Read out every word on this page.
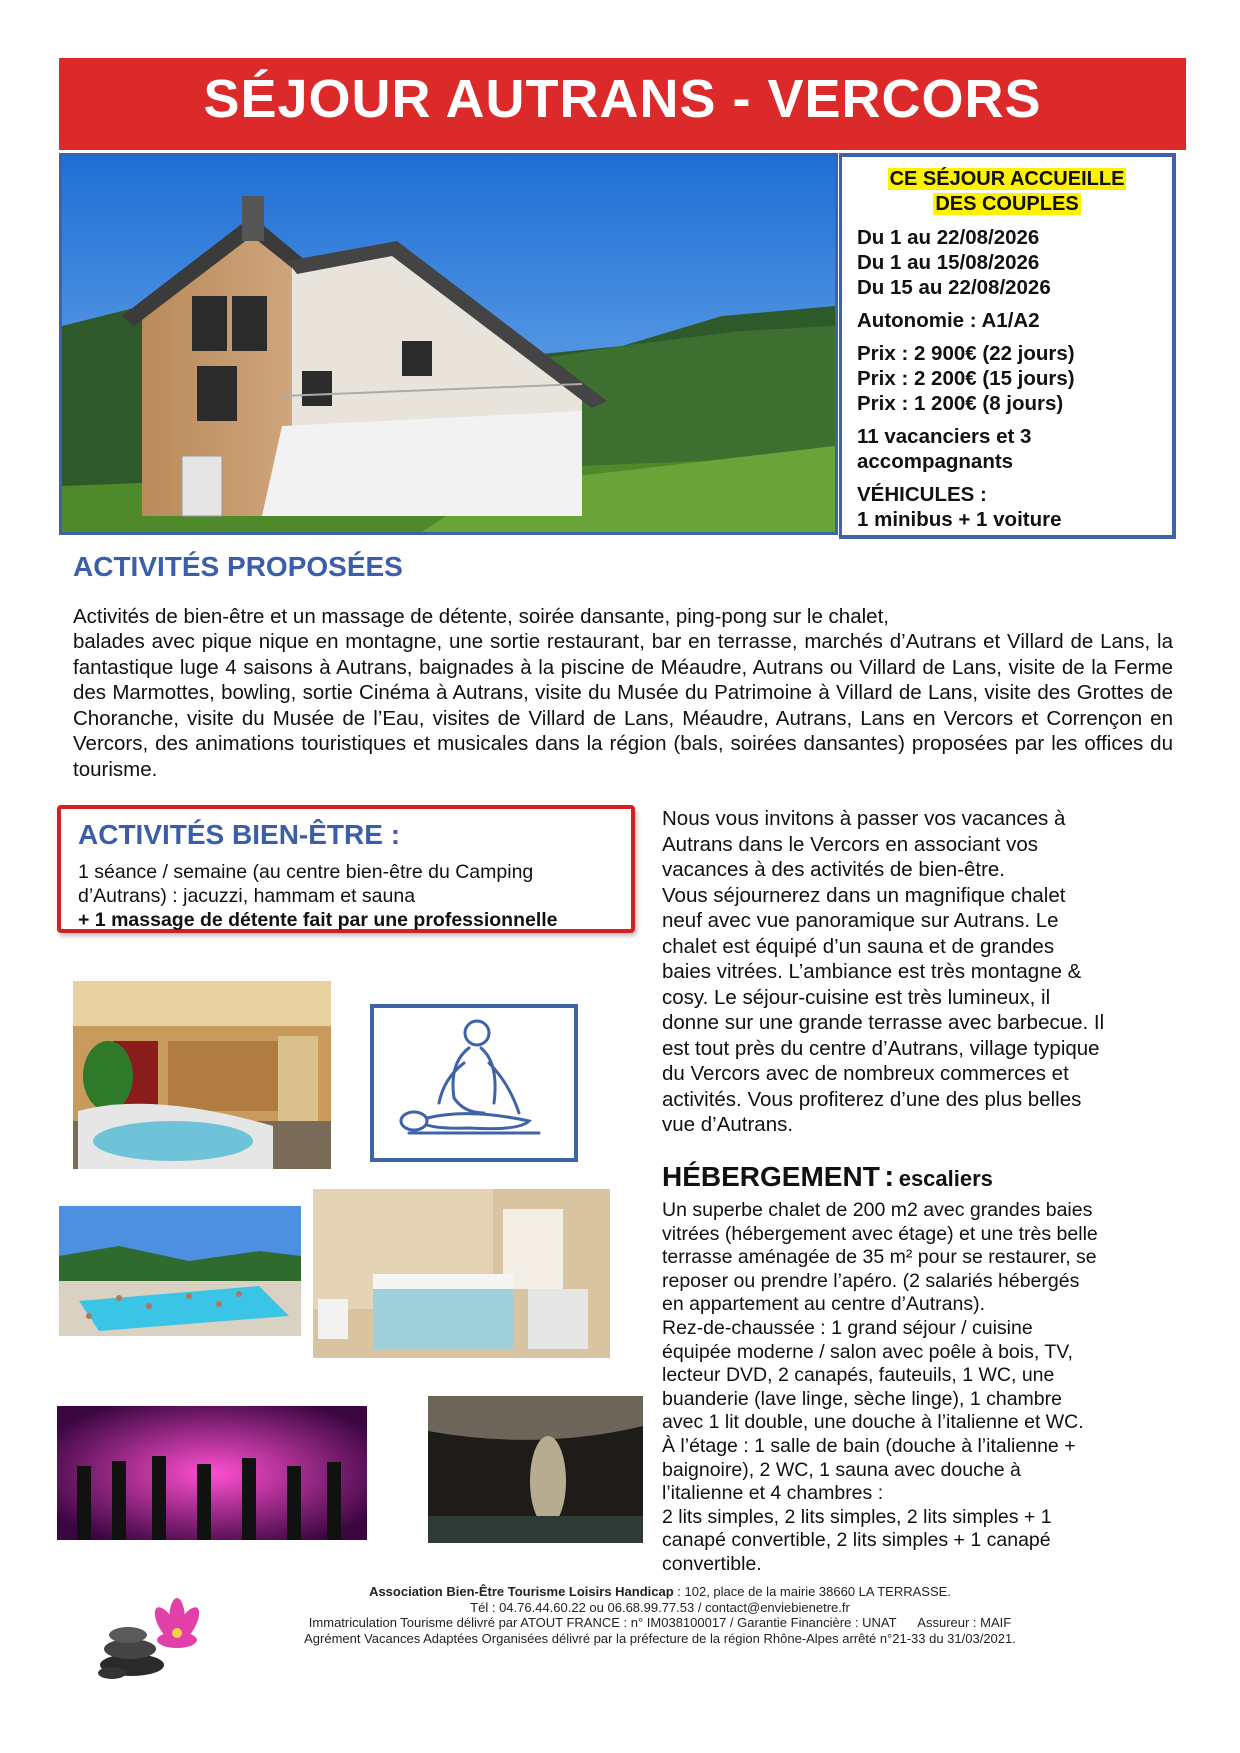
SÉJOUR AUTRANS - VERCORS
CE SÉJOUR ACCUEILLE
DES COUPLES
Du 1 au 22/08/2026
Du 1 au 15/08/2026
Du 15 au 22/08/2026
Autonomie : A1/A2
Prix : 2 900€ (22 jours)
Prix : 2 200€ (15 jours)
Prix : 1 200€ (8 jours)
11 vacanciers et 3
accompagnants
VÉHICULES :
1 minibus + 1 voiture
ACTIVITÉS PROPOSÉES
Activités de bien-être et un massage de détente, soirée dansante, ping-pong sur le chalet,
balades avec pique nique en montagne, une sortie restaurant, bar en terrasse, marchés d’Autrans et Villard de Lans, la fantastique luge 4 saisons à Autrans, baignades à la piscine de Méaudre, Autrans ou Villard de Lans, visite de la Ferme des Marmottes, bowling, sortie Cinéma à Autrans, visite du Musée du Patrimoine à Villard de Lans, visite des Grottes de Choranche, visite du Musée de l’Eau, visites de Villard de Lans, Méaudre, Autrans, Lans en Vercors et Corrençon en Vercors, des animations touristiques et musicales dans la région (bals, soirées dansantes) proposées par les offices du tourisme.
ACTIVITÉS BIEN-ÊTRE :
1 séance / semaine (au centre bien-être du Camping
d’Autrans) : jacuzzi, hammam et sauna
+ 1 massage de détente fait par une professionnelle
Nous vous invitons à passer vos vacances à
Autrans dans le Vercors en associant vos
vacances à des activités de bien-être.
Vous séjournerez dans un magnifique chalet
neuf avec vue panoramique sur Autrans. Le
chalet est équipé d’un sauna et de grandes
baies vitrées. L’ambiance est très montagne &
cosy. Le séjour-cuisine est très lumineux, il
donne sur une grande terrasse avec barbecue. Il
est tout près du centre d’Autrans, village typique
du Vercors avec de nombreux commerces et
activités. Vous profiterez d’une des plus belles
vue d’Autrans.
HÉBERGEMENT : escaliers
Un superbe chalet de 200 m2 avec grandes baies
vitrées (hébergement avec étage) et une très belle
terrasse aménagée de 35 m² pour se restaurer, se
reposer ou prendre l’apéro. (2 salariés hébergés
en appartement au centre d’Autrans).
Rez-de-chaussée : 1 grand séjour / cuisine
équipée moderne / salon avec poêle à bois, TV,
lecteur DVD, 2 canapés, fauteuils, 1 WC, une
buanderie (lave linge, sèche linge), 1 chambre
avec 1 lit double, une douche à l’italienne et WC.
À l’étage : 1 salle de bain (douche à l’italienne +
baignoire), 2 WC, 1 sauna avec douche à
l’italienne et 4 chambres :
2 lits simples, 2 lits simples, 2 lits simples + 1
canapé convertible, 2 lits simples + 1 canapé
convertible.
Association Bien-Être Tourisme Loisirs Handicap : 102, place de la mairie 38660 LA TERRASSE.
Tél : 04.76.44.60.22 ou 06.68.99.77.53 / contact@enviebienetre.fr
Immatriculation Tourisme délivré par ATOUT FRANCE : n° IM038100017 / Garantie Financière : UNAT      Assureur : MAIF
Agrément Vacances Adaptées Organisées délivré par la préfecture de la région Rhône-Alpes arrêté n°21-33 du 31/03/2021.
